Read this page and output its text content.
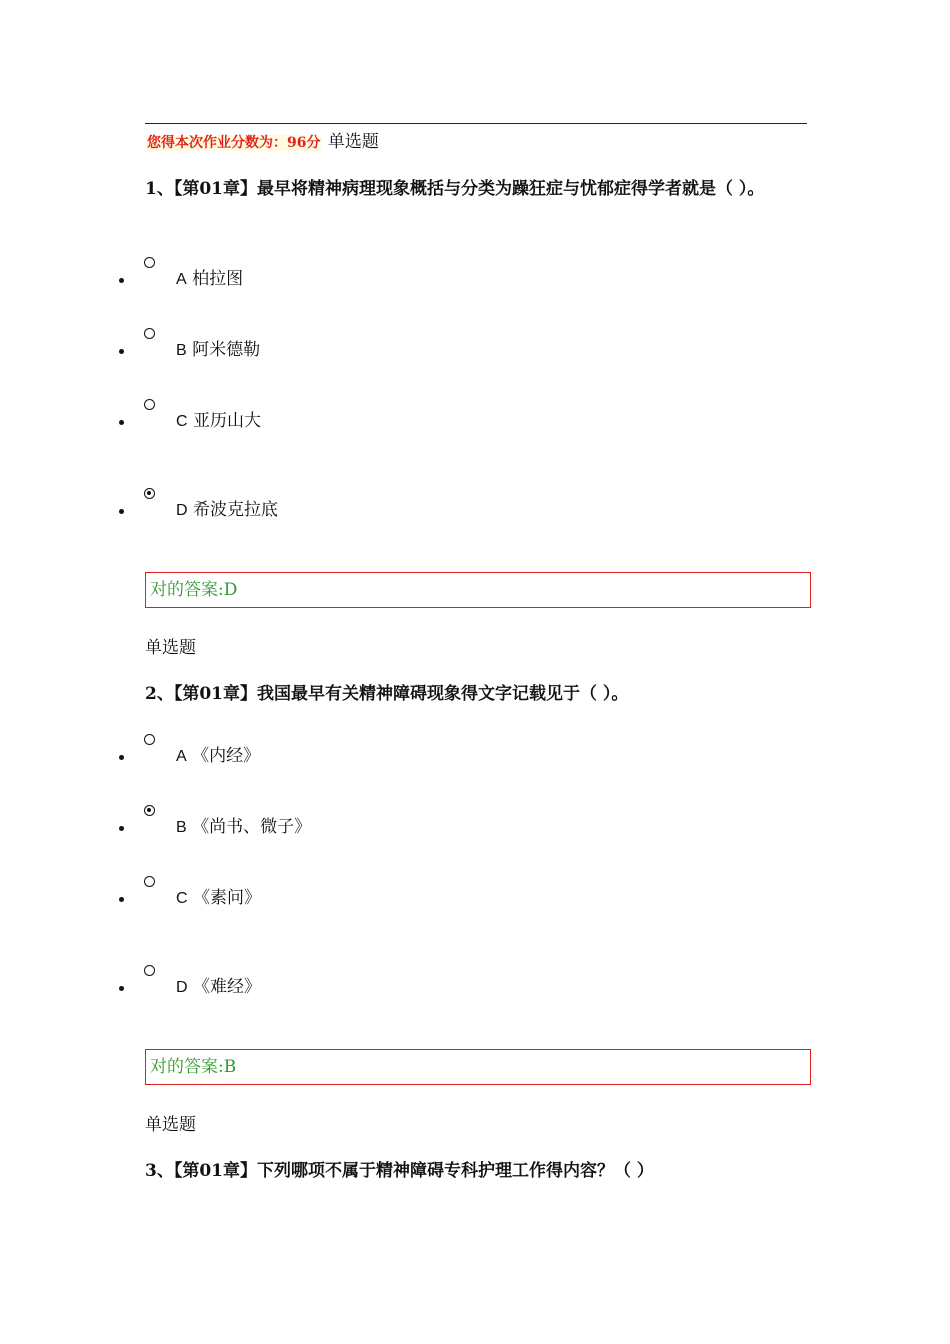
您得本次作业分数为：96分 单选题
1、【第01章】最早将精神病理现象概括与分类为躁狂症与忧郁症得学者就是（ ）。
A 柏拉图
B 阿米德勒
C 亚历山大
D 希波克拉底
对的答案:D
单选题
2、【第01章】我国最早有关精神障碍现象得文字记载见于（ ）。
A 《内经》
B 《尚书、微子》
C 《素问》
D 《难经》
对的答案:B
单选题
3、【第01章】下列哪项不属于精神障碍专科护理工作得内容？（ ）
